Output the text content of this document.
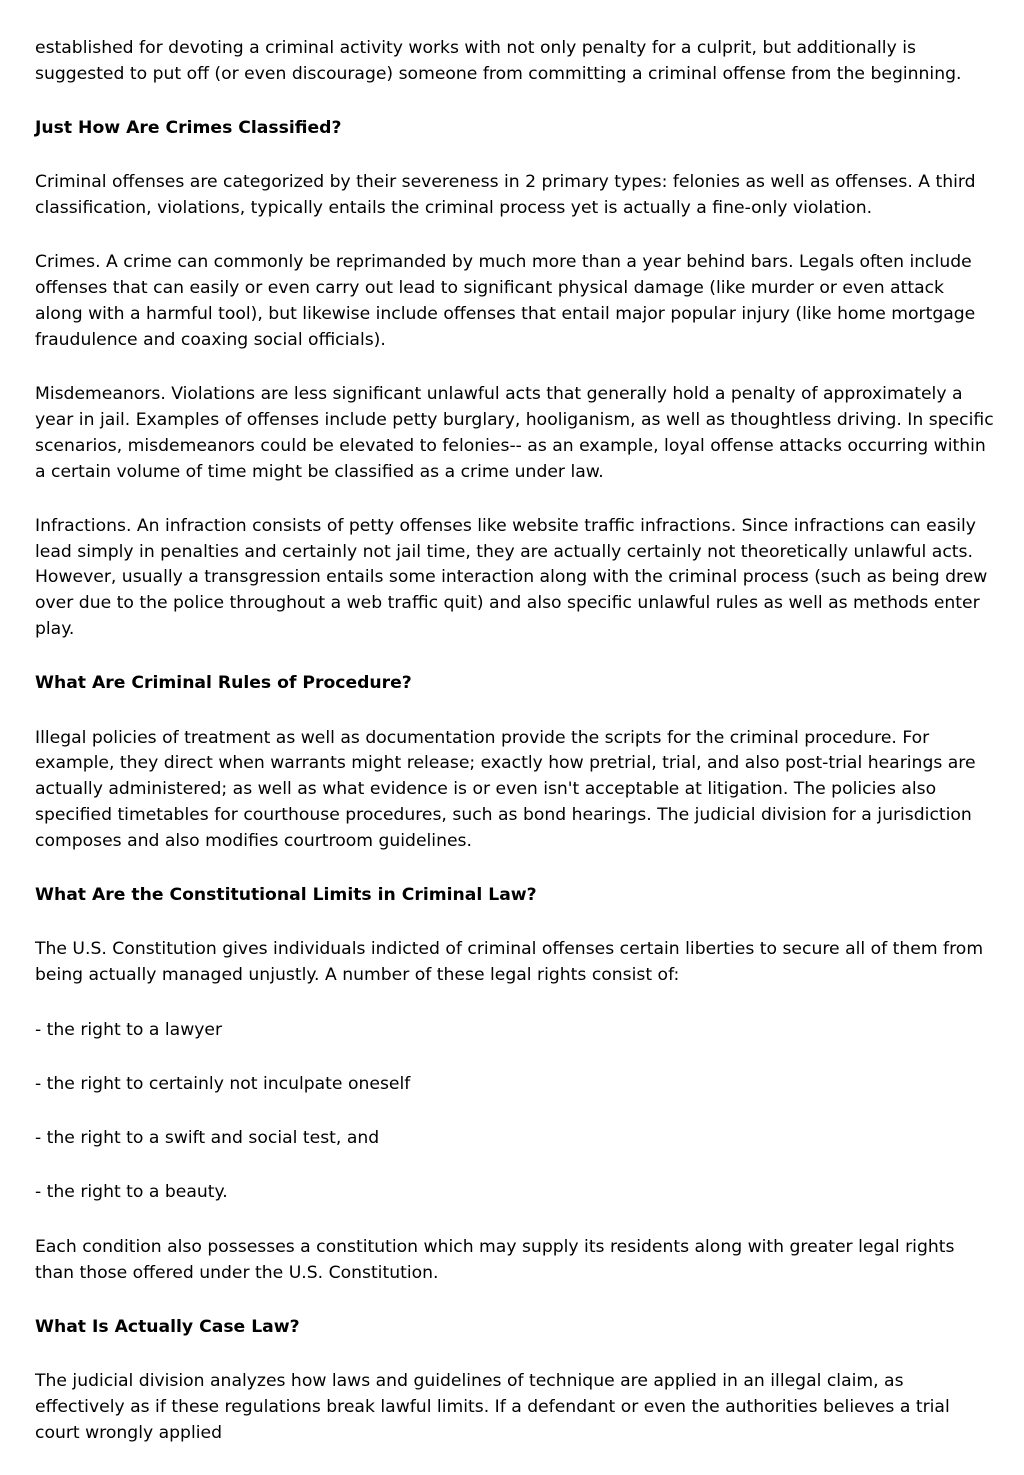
established for devoting a criminal activity works with not only penalty for a culprit, but additionally is suggested to put off (or even discourage) someone from committing a criminal offense from the beginning.

Just How Are Crimes Classified?

Criminal offenses are categorized by their severeness in 2 primary types: felonies as well as offenses. A third classification, violations, typically entails the criminal process yet is actually a fine-only violation.

Crimes. A crime can commonly be reprimanded by much more than a year behind bars. Legals often include offenses that can easily or even carry out lead to significant physical damage (like murder or even attack along with a harmful tool), but likewise include offenses that entail major popular injury (like home mortgage fraudulence and coaxing social officials).

Misdemeanors. Violations are less significant unlawful acts that generally hold a penalty of approximately a year in jail. Examples of offenses include petty burglary, hooliganism, as well as thoughtless driving. In specific scenarios, misdemeanors could be elevated to felonies-- as an example, loyal offense attacks occurring within a certain volume of time might be classified as a crime under law.

Infractions. An infraction consists of petty offenses like website traffic infractions. Since infractions can easily lead simply in penalties and certainly not jail time, they are actually certainly not theoretically unlawful acts. However, usually a transgression entails some interaction along with the criminal process (such as being drew over due to the police throughout a web traffic quit) and also specific unlawful rules as well as methods enter play.

What Are Criminal Rules of Procedure?

Illegal policies of treatment as well as documentation provide the scripts for the criminal procedure. For example, they direct when warrants might release; exactly how pretrial, trial, and also post-trial hearings are actually administered; as well as what evidence is or even isn't acceptable at litigation. The policies also specified timetables for courthouse procedures, such as bond hearings. The judicial division for a jurisdiction composes and also modifies courtroom guidelines.

What Are the Constitutional Limits in Criminal Law?

The U.S. Constitution gives individuals indicted of criminal offenses certain liberties to secure all of them from being actually managed unjustly. A number of these legal rights consist of:

- the right to a lawyer
- the right to certainly not inculpate oneself
- the right to a swift and social test, and
- the right to a beauty.

Each condition also possesses a constitution which may supply its residents along with greater legal rights than those offered under the U.S. Constitution.

What Is Actually Case Law?

The judicial division analyzes how laws and guidelines of technique are applied in an illegal claim, as effectively as if these regulations break lawful limits. If a defendant or even the authorities believes a trial court wrongly applied
